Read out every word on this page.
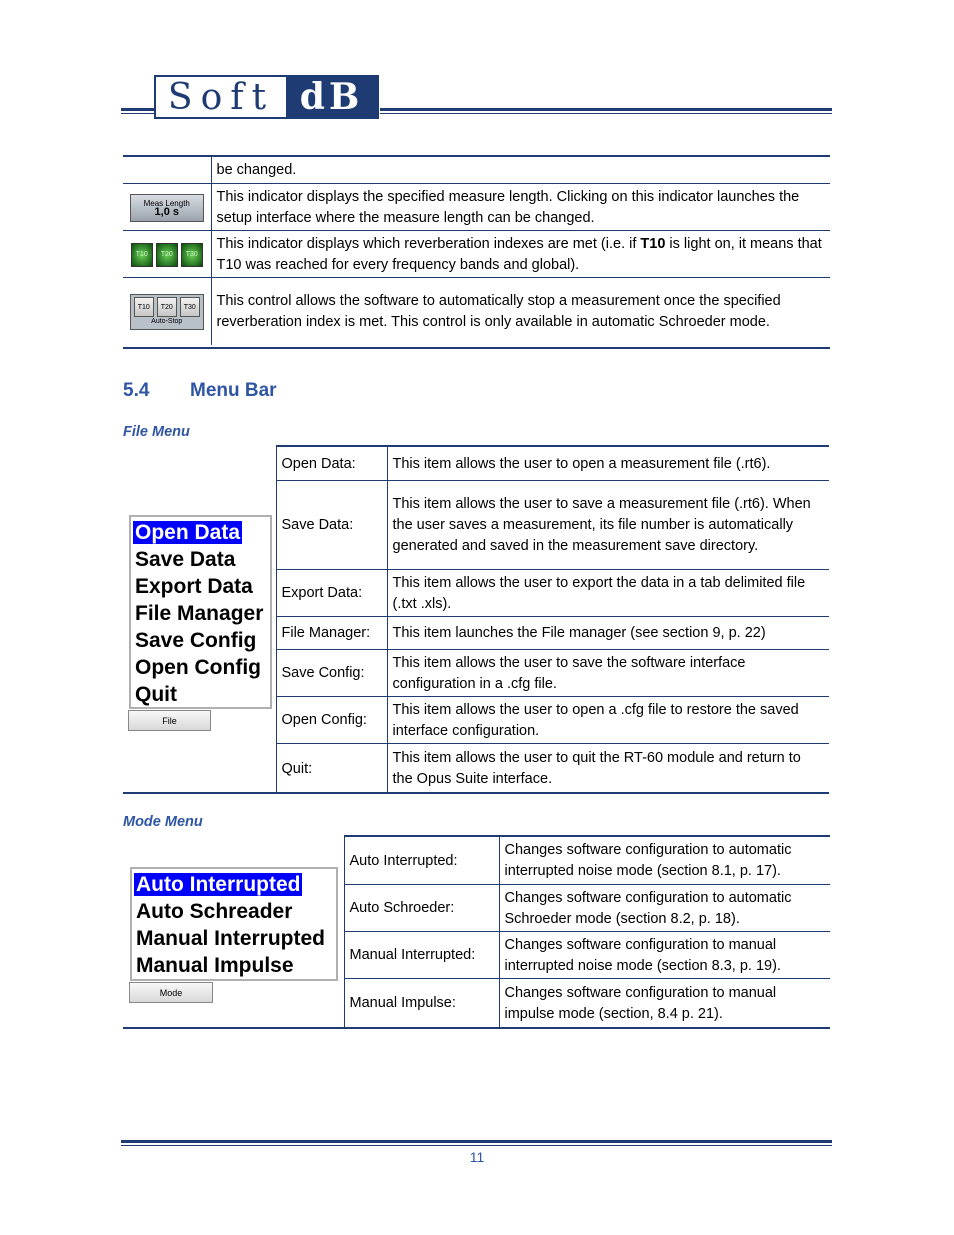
Soft dB
	be changed.

Meas Length
1,0 s	This indicator displays the specified measure length. Clicking on this indicator launches the setup interface where the measure length can be changed.

T10 T20 T30	This indicator displays which reverberation indexes are met (i.e. if T10 is light on, it means that T10 was reached for every frequency bands and global).

T10 T20 T30
Auto-Stop	This control allows the software to automatically stop a measurement once the specified reverberation index is met. This control is only available in automatic Schroeder mode.
5.4 Menu Bar
File Menu
	Open Data:	This item allows the user to open a measurement file (.rt6).
	Save Data:	This item allows the user to save a measurement file (.rt6). When the user saves a measurement, its file number is automatically generated and saved in the measurement save directory.
	Export Data:	This item allows the user to export the data in a tab delimited file (.txt .xls).
	File Manager:	This item launches the File manager (see section 9, p. 22)
	Save Config:	This item allows the user to save the software interface configuration in a .cfg file.
	Open Config:	This item allows the user to open a .cfg file to restore the saved interface configuration.
	Quit:	This item allows the user to quit the RT-60 module and return to the Opus Suite interface.
Open Data
Save Data
Export Data
File Manager
Save Config
Open Config
Quit
File
Mode Menu
	Auto Interrupted:	Changes software configuration to automatic interrupted noise mode (section 8.1, p. 17).
	Auto Schroeder:	Changes software configuration to automatic Schroeder mode (section 8.2, p. 18).
	Manual Interrupted:	Changes software configuration to manual interrupted noise mode (section 8.3, p. 19).
	Manual Impulse:	Changes software configuration to manual impulse mode (section, 8.4 p. 21).
Auto Interrupted
Auto Schreader
Manual Interrupted
Manual Impulse
Mode
11
